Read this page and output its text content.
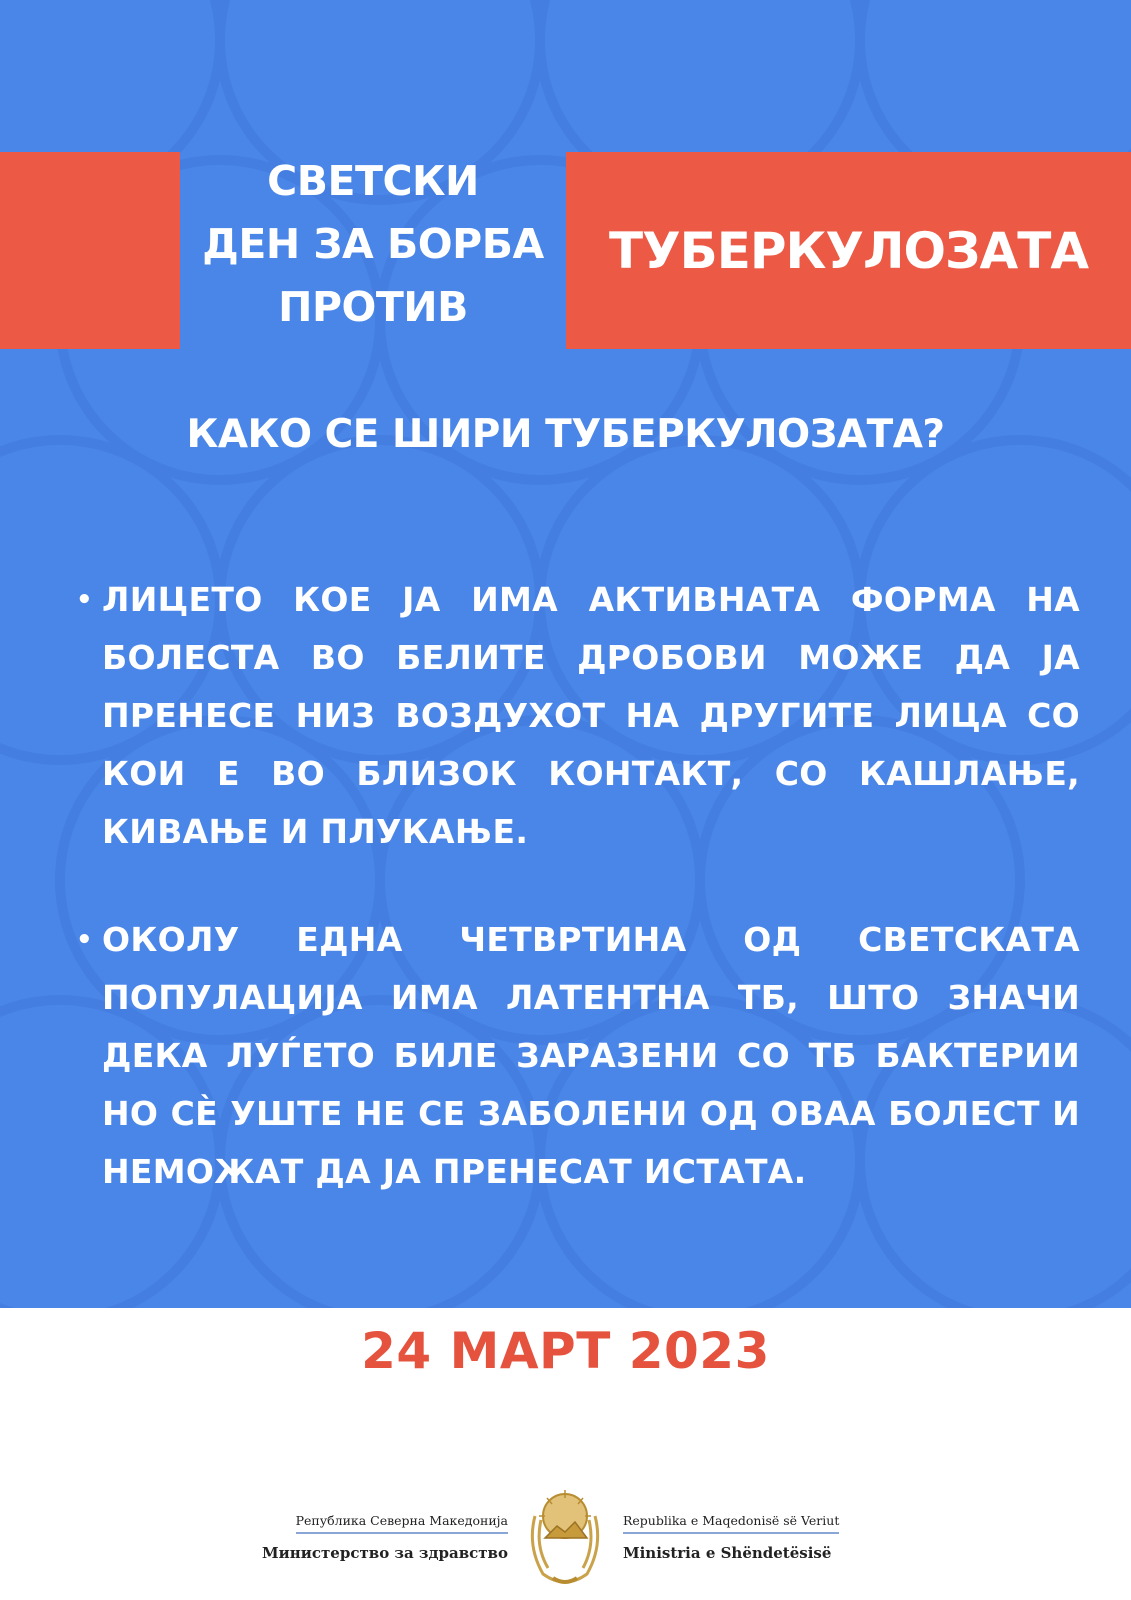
СВЕТСКИ
ДЕН ЗА БОРБА
ПРОТИВ
ТУБЕРКУЛОЗАТА
КАКО СЕ ШИРИ ТУБЕРКУЛОЗАТА?
• ЛИЦЕТО КОЕ ЈА ИМА АКТИВНАТА ФОРМА НА БОЛЕСТА ВО БЕЛИТЕ ДРОБОВИ МОЖЕ ДА ЈА ПРЕНЕСЕ НИЗ ВОЗДУХОТ НА ДРУГИТЕ ЛИЦА СО КОИ Е ВО БЛИЗОК КОНТАКТ, СО КАШЛАЊЕ, КИВАЊЕ И ПЛУКАЊЕ.
• ОКОЛУ ЕДНА ЧЕТВРТИНА ОД СВЕТСКАТА ПОПУЛАЦИЈА ИМА ЛАТЕНТНА ТБ, ШТО ЗНАЧИ ДЕКА ЛУЃЕТО БИЛЕ ЗАРАЗЕНИ СО ТБ БАКТЕРИИ НО СÈ УШТЕ НЕ СЕ ЗАБОЛЕНИ ОД ОВАА БОЛЕСТ И НЕМОЖАТ ДА ЈА ПРЕНЕСАТ ИСТАТА.
24 МАРТ 2023
Република Северна Македонија
Министерство за здравство
Republika e Maqedonisë së Veriut
Ministria e Shëndetësisë
